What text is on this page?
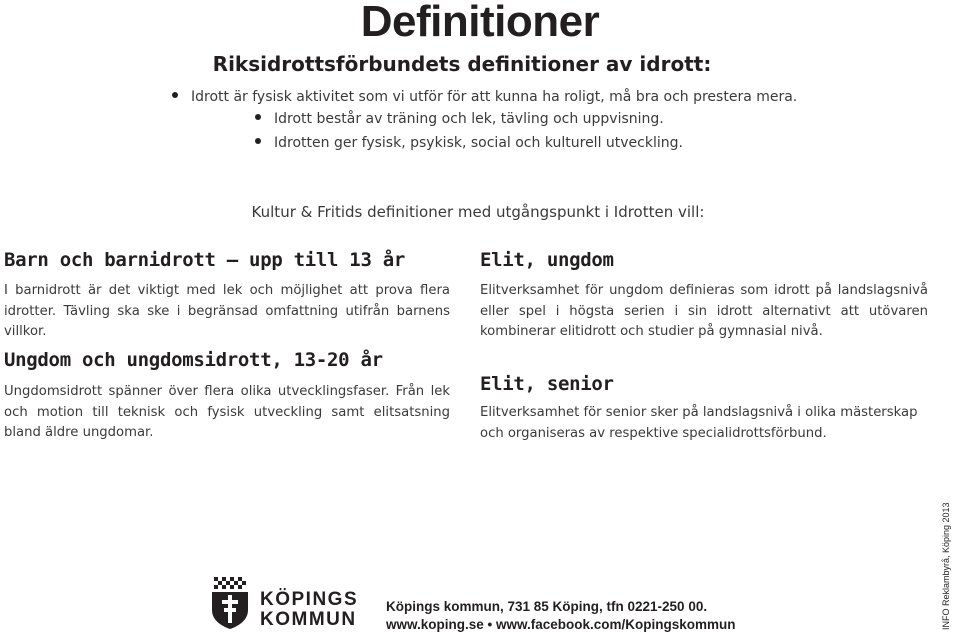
Definitioner
Riksidrottsförbundets definitioner av idrott:
Idrott är fysisk aktivitet som vi utför för att kunna ha roligt, må bra och prestera mera.
Idrott består av träning och lek, tävling och uppvisning.
Idrotten ger fysisk, psykisk, social och kulturell utveckling.
Kultur & Fritids definitioner med utgångspunkt i Idrotten vill:
Barn och barnidrott – upp till 13 år
I barnidrott är det viktigt med lek och möjlighet att prova flera idrotter. Tävling ska ske i begränsad omfattning utifrån barnens villkor.
Ungdom och ungdomsidrott, 13-20 år
Ungdomsidrott spänner över flera olika utvecklingsfaser. Från lek och motion till teknisk och fysisk utveckling samt elitsatsning bland äldre ungdomar.
Elit, ungdom
Elitverksamhet för ungdom definieras som idrott på landslagsnivå eller spel i högsta serien i sin idrott alternativt att utövaren kombinerar elitidrott och studier på gymnasial nivå.
Elit, senior
Elitverksamhet för senior sker på landslagsnivå i olika mästerskap och organiseras av respektive specialidrottsförbund.
KÖPINGS
KOMMUN
Köpings kommun, 731 85 Köping, tfn 0221-250 00.
www.koping.se • www.facebook.com/Kopingskommun	INFO Reklambyrå, Köping 2013
